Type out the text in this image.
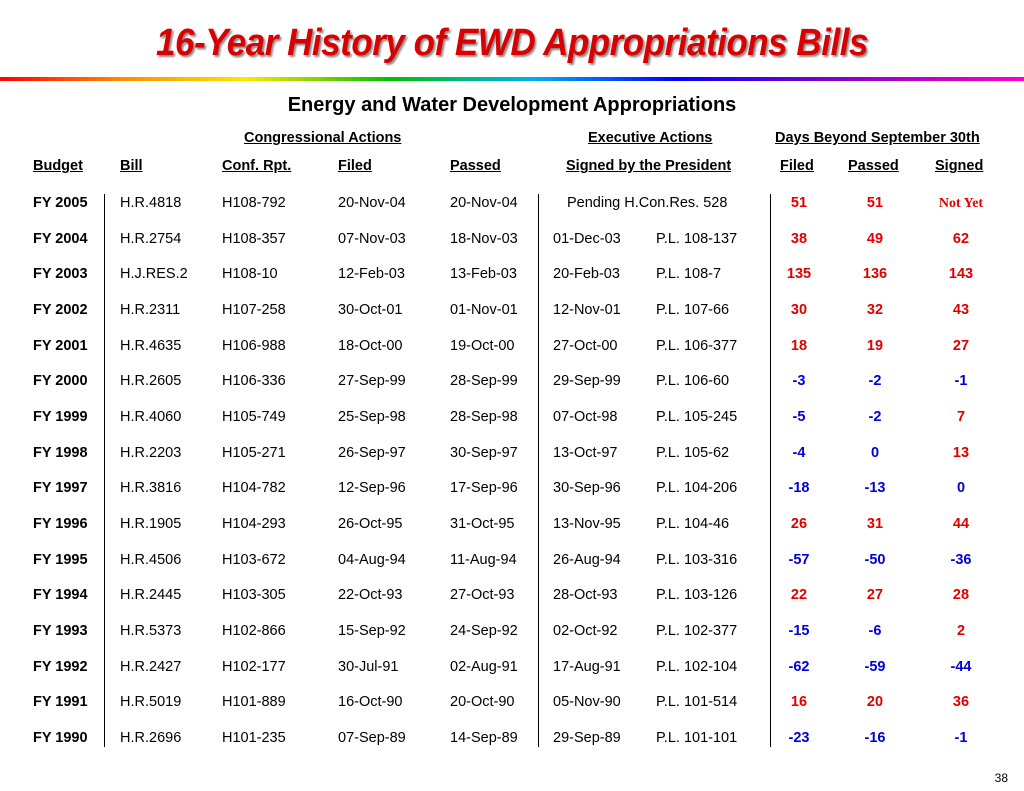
16-Year History of EWD Appropriations Bills
Energy and Water Development Appropriations
Congressional Actions	Executive Actions	Days Beyond September 30th
Budget	Bill	Conf. Rpt.	Filed	Passed	Signed by the President	Filed Passed Signed
FY 2005 H.R.4818	H108-792	20-Nov-04	20-Nov-04	Pending H.Con.Res. 528	51	51	Not Yet
FY 2004 H.R.2754	H108-357	07-Nov-03	18-Nov-03 01-Dec-03 P.L. 108-137	38	49	62
FY 2003 H.J.RES.2 H108-10	12-Feb-03	13-Feb-03 20-Feb-03 P.L. 108-7	135	136	143
FY 2002 H.R.2311	H107-258	30-Oct-01	01-Nov-01 12-Nov-01 P.L. 107-66	30	32	43
FY 2001 H.R.4635	H106-988	18-Oct-00	19-Oct-00	27-Oct-00	P.L. 106-377	18	19	27
FY 2000 H.R.2605	H106-336	27-Sep-99	28-Sep-99 29-Sep-99 P.L. 106-60	-3	-2	-1
FY 1999 H.R.4060	H105-749	25-Sep-98	28-Sep-98 07-Oct-98	P.L. 105-245	-5	-2	7
FY 1998 H.R.2203	H105-271	26-Sep-97	30-Sep-97 13-Oct-97	P.L. 105-62	-4	0	13
FY 1997 H.R.3816	H104-782	12-Sep-96	17-Sep-96 30-Sep-96 P.L. 104-206	-18	-13	0
FY 1996 H.R.1905	H104-293	26-Oct-95	31-Oct-95	13-Nov-95 P.L. 104-46	26	31	44
FY 1995 H.R.4506	H103-672	04-Aug-94	11-Aug-94	26-Aug-94 P.L. 103-316	-57	-50	-36
FY 1994 H.R.2445	H103-305	22-Oct-93	27-Oct-93	28-Oct-93	P.L. 103-126	22	27	28
FY 1993 H.R.5373	H102-866	15-Sep-92	24-Sep-92 02-Oct-92	P.L. 102-377	-15	-6	2
FY 1992 H.R.2427	H102-177	30-Jul-91	02-Aug-91 17-Aug-91 P.L. 102-104	-62	-59	-44
FY 1991 H.R.5019	H101-889	16-Oct-90	20-Oct-90	05-Nov-90 P.L. 101-514	16	20	36
FY 1990 H.R.2696	H101-235	07-Sep-89	14-Sep-89 29-Sep-89 P.L. 101-101	-23	-16	-1
38
